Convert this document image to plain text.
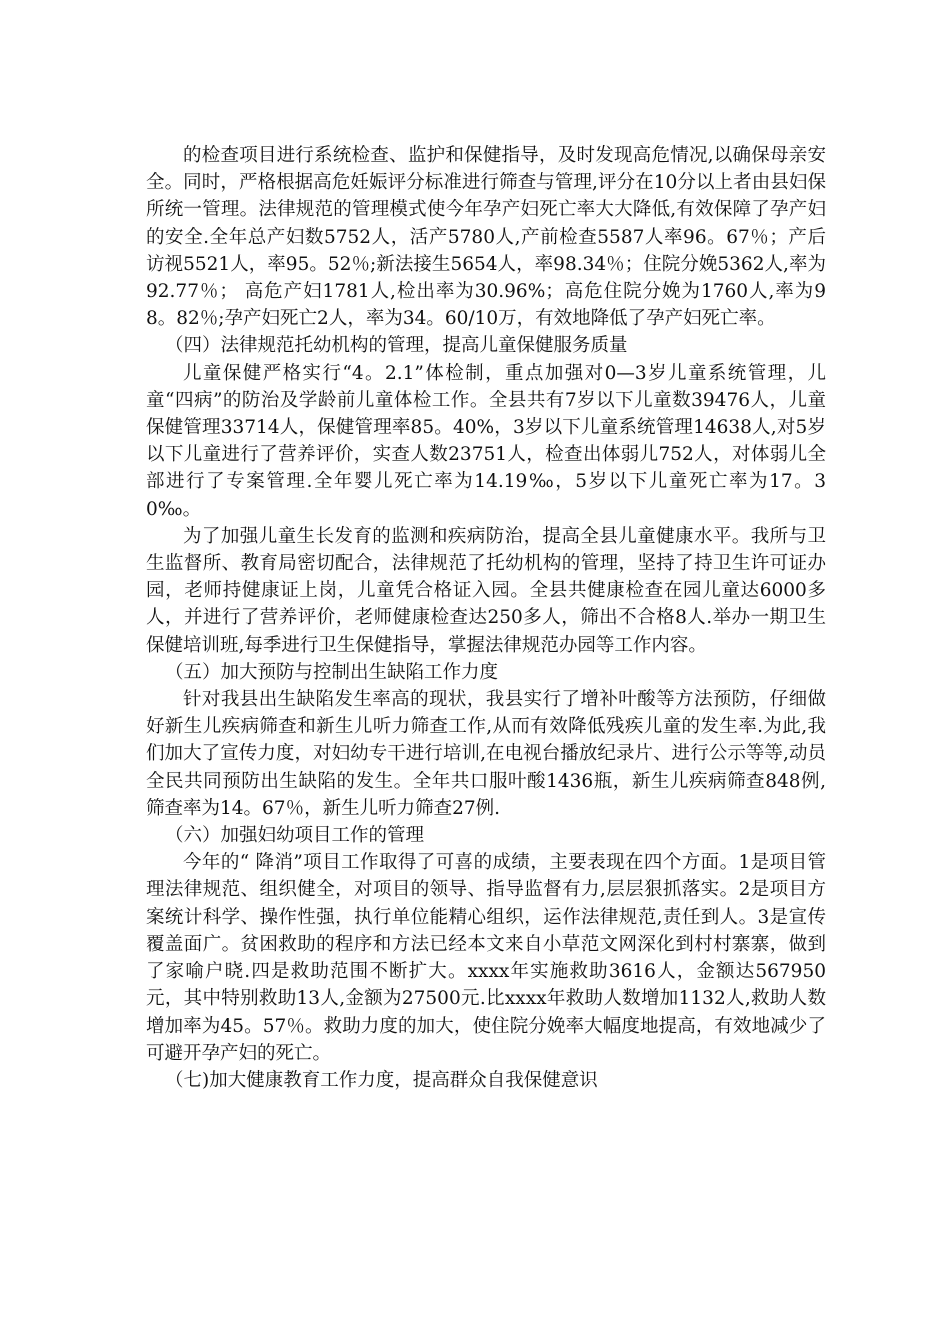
的检查项目进行系统检查、监护和保健指导，及时发现高危情况,以确保母亲安全。同时，严格根据高危妊娠评分标准进行筛查与管理,评分在10分以上者由县妇保所统一管理。法律规范的管理模式使今年孕产妇死亡率大大降低,有效保障了孕产妇的安全.全年总产妇数5752人，活产5780人,产前检查5587人率96。67％；产后访视5521人，率95。52％;新法接生5654人，率98.34％；住院分娩5362人,率为92.77％； 高危产妇1781人,检出率为30.96%；高危住院分娩为1760人,率为98。82％;孕产妇死亡2人，率为34。60/10万，有效地降低了孕产妇死亡率。

（四）法律规范托幼机构的管理，提高儿童保健服务质量

儿童保健严格实行“4。2.1”体检制，重点加强对0—3岁儿童系统管理，儿童“四病”的防治及学龄前儿童体检工作。全县共有7岁以下儿童数39476人，儿童保健管理33714人，保健管理率85。40%，3岁以下儿童系统管理14638人,对5岁以下儿童进行了营养评价，实查人数23751人，检查出体弱儿752人，对体弱儿全部进行了专案管理.全年婴儿死亡率为14.19‰，5岁以下儿童死亡率为17。30‰。

为了加强儿童生长发育的监测和疾病防治，提高全县儿童健康水平。我所与卫生监督所、教育局密切配合，法律规范了托幼机构的管理，坚持了持卫生许可证办园，老师持健康证上岗，儿童凭合格证入园。全县共健康检查在园儿童达6000多人，并进行了营养评价，老师健康检查达250多人，筛出不合格8人.举办一期卫生保健培训班,每季进行卫生保健指导，掌握法律规范办园等工作内容。

（五）加大预防与控制出生缺陷工作力度

针对我县出生缺陷发生率高的现状，我县实行了增补叶酸等方法预防，仔细做好新生儿疾病筛查和新生儿听力筛查工作,从而有效降低残疾儿童的发生率.为此,我们加大了宣传力度，对妇幼专干进行培训,在电视台播放纪录片、进行公示等等,动员全民共同预防出生缺陷的发生。全年共口服叶酸1436瓶，新生儿疾病筛查848例,筛查率为14。67％，新生儿听力筛查27例.

（六）加强妇幼项目工作的管理

今年的“ 降消”项目工作取得了可喜的成绩，主要表现在四个方面。1是项目管理法律规范、组织健全，对项目的领导、指导监督有力,层层狠抓落实。2是项目方案统计科学、操作性强，执行单位能精心组织，运作法律规范,责任到人。3是宣传覆盖面广。贫困救助的程序和方法已经本文来自小草范文网深化到村村寨寨，做到了家喻户晓.四是救助范围不断扩大。xxxx年实施救助3616人，金额达567950元，其中特别救助13人,金额为27500元.比xxxx年救助人数增加1132人,救助人数增加率为45。57％。救助力度的加大，使住院分娩率大幅度地提高，有效地减少了可避开孕产妇的死亡。

（七)加大健康教育工作力度，提高群众自我保健意识
